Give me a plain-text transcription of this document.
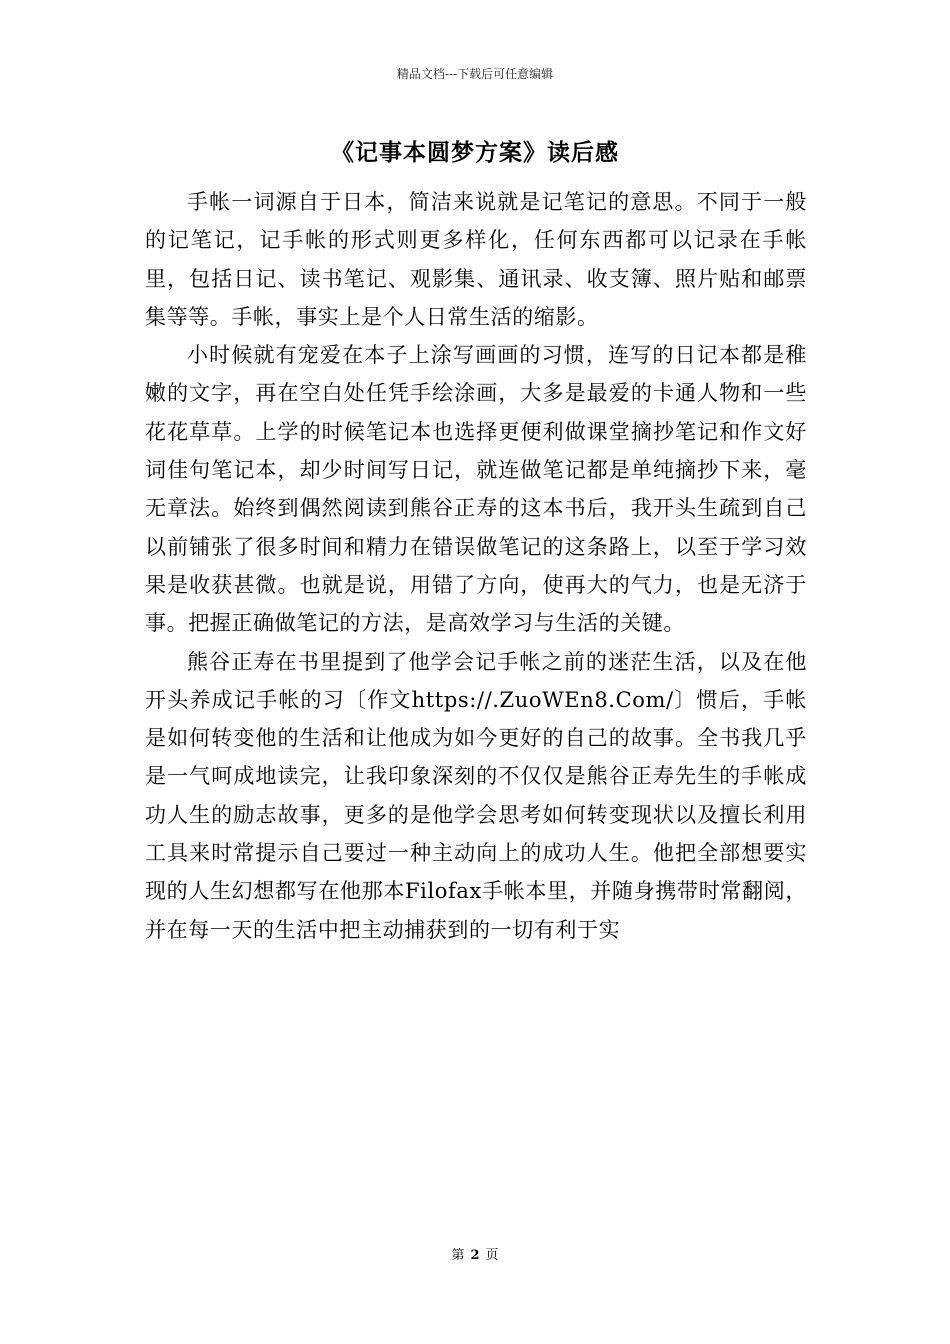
精品文档---下载后可任意编辑
《记事本圆梦方案》读后感

手帐一词源自于日本，简洁来说就是记笔记的意思。不同于一般的记笔记，记手帐的形式则更多样化，任何东西都可以记录在手帐里，包括日记、读书笔记、观影集、通讯录、收支簿、照片贴和邮票集等等。手帐，事实上是个人日常生活的缩影。

小时候就有宠爱在本子上涂写画画的习惯，连写的日记本都是稚嫩的文字，再在空白处任凭手绘涂画，大多是最爱的卡通人物和一些花花草草。上学的时候笔记本也选择更便利做课堂摘抄笔记和作文好词佳句笔记本，却少时间写日记，就连做笔记都是单纯摘抄下来，毫无章法。始终到偶然阅读到熊谷正寿的这本书后，我开头生疏到自己以前铺张了很多时间和精力在错误做笔记的这条路上，以至于学习效果是收获甚微。也就是说，用错了方向，使再大的气力，也是无济于事。把握正确做笔记的方法，是高效学习与生活的关键。

熊谷正寿在书里提到了他学会记手帐之前的迷茫生活，以及在他开头养成记手帐的习〔作文https://.ZuoWEn8.Com/〕惯后，手帐是如何转变他的生活和让他成为如今更好的自己的故事。全书我几乎是一气呵成地读完，让我印象深刻的不仅仅是熊谷正寿先生的手帐成功人生的励志故事，更多的是他学会思考如何转变现状以及擅长利用工具来时常提示自己要过一种主动向上的成功人生。他把全部想要实现的人生幻想都写在他那本Filofax手帐本里，并随身携带时常翻阅，并在每一天的生活中把主动捕获到的一切有利于实

第 2 页
